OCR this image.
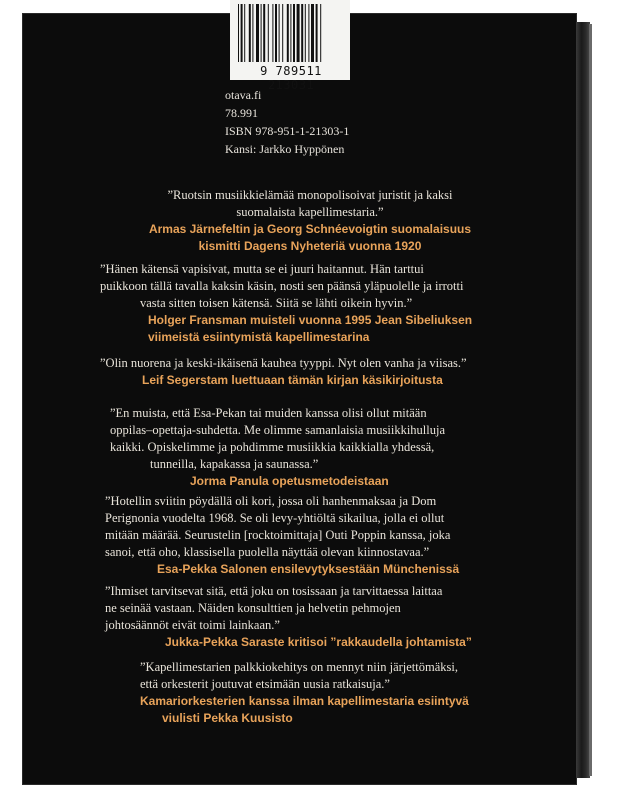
9 789511 213031
otava.fi
78.991
ISBN 978-951-1-21303-1
Kansi: Jarkko Hyppönen
”Ruotsin musiikkielämää monopolisoivat juristit ja kaksi
suomalaista kapellimestaria.”
Armas Järnefeltin ja Georg Schnéevoigtin suomalaisuus
kismitti Dagens Nyheteriä vuonna 1920
”Hänen kätensä vapisivat, mutta se ei juuri haitannut. Hän tarttui
puikkoon tällä tavalla kaksin käsin, nosti sen päänsä yläpuolelle ja irrotti
vasta sitten toisen kätensä. Siitä se lähti oikein hyvin.”
Holger Fransman muisteli vuonna 1995 Jean Sibeliuksen
viimeistä esiintymistä kapellimestarina
”Olin nuorena ja keski-ikäisenä kauhea tyyppi. Nyt olen vanha ja viisas.”
Leif Segerstam luettuaan tämän kirjan käsikirjoitusta
”En muista, että Esa-Pekan tai muiden kanssa olisi ollut mitään
oppilas–opettaja-suhdetta. Me olimme samanlaisia musiikkihulluja
kaikki. Opiskelimme ja pohdimme musiikkia kaikkialla yhdessä,
tunneilla, kapakassa ja saunassa.”
Jorma Panula opetusmetodeistaan
”Hotellin sviitin pöydällä oli kori, jossa oli hanhenmaksaa ja Dom
Perignonia vuodelta 1968. Se oli levy-yhtiöltä sikailua, jolla ei ollut
mitään määrää. Seurustelin [rocktoimittaja] Outi Poppin kanssa, joka
sanoi, että oho, klassisella puolella näyttää olevan kiinnostavaa.”
Esa-Pekka Salonen ensilevytyksestään Münchenissä
”Ihmiset tarvitsevat sitä, että joku on tosissaan ja tarvittaessa laittaa
ne seinää vastaan. Näiden konsulttien ja helvetin pehmojen
johtosäännöt eivät toimi lainkaan.”
Jukka-Pekka Saraste kritisoi ”rakkaudella johtamista”
”Kapellimestarien palkkiokehitys on mennyt niin järjettömäksi,
että orkesterit joutuvat etsimään uusia ratkaisuja.”
Kamariorkesterien kanssa ilman kapellimestaria esiintyvä
viulisti Pekka Kuusisto
